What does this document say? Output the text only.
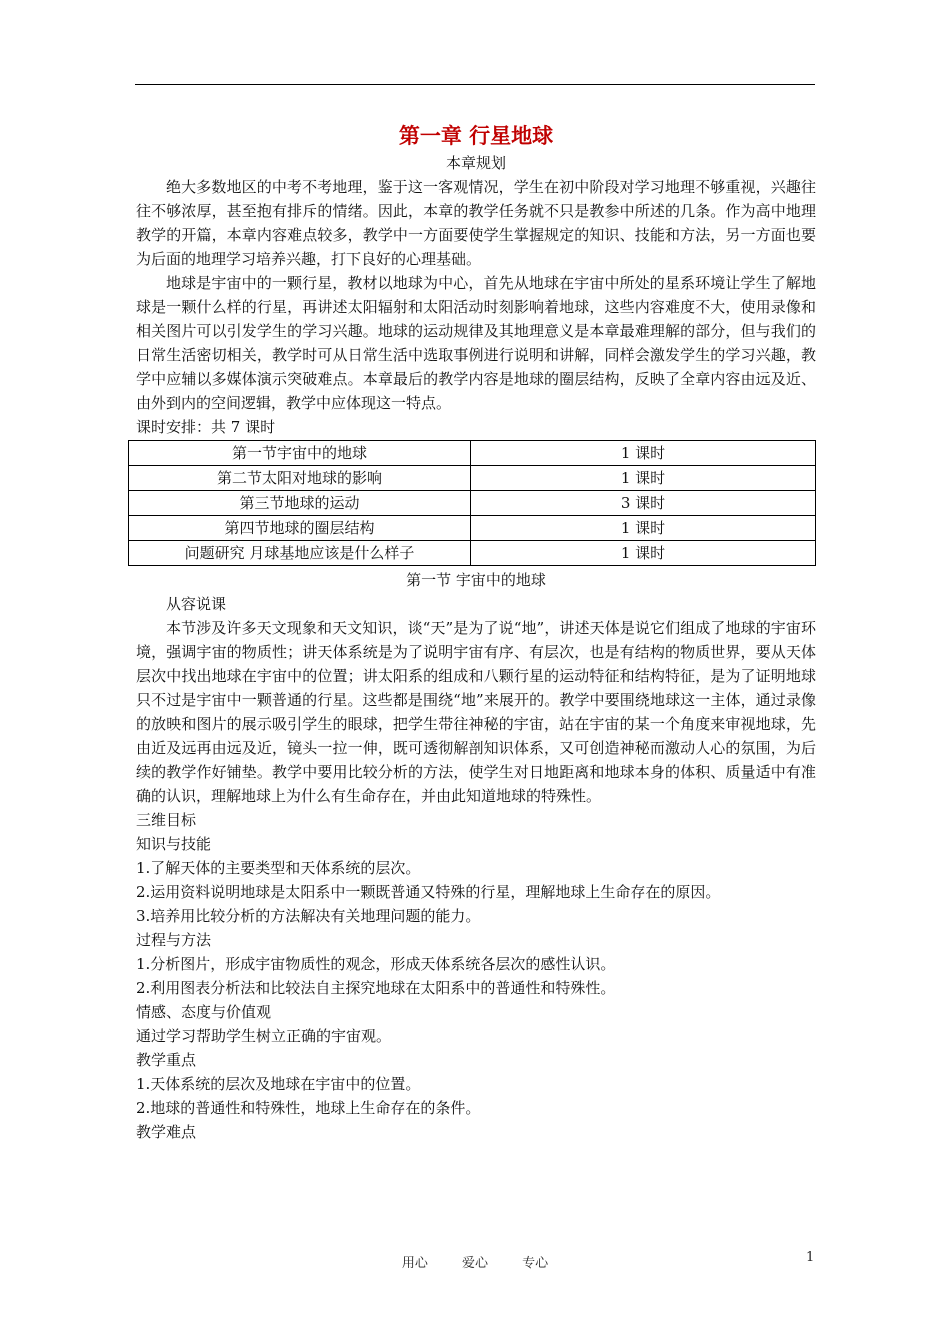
第一章 行星地球
本章规划

绝大多数地区的中考不考地理，鉴于这一客观情况，学生在初中阶段对学习地理不够重视，兴趣往往不够浓厚，甚至抱有排斥的情绪。因此，本章的教学任务就不只是教参中所述的几条。作为高中地理教学的开篇，本章内容难点较多，教学中一方面要使学生掌握规定的知识、技能和方法，另一方面也要为后面的地理学习培养兴趣，打下良好的心理基础。

地球是宇宙中的一颗行星，教材以地球为中心，首先从地球在宇宙中所处的星系环境让学生了解地球是一颗什么样的行星，再讲述太阳辐射和太阳活动时刻影响着地球，这些内容难度不大，使用录像和相关图片可以引发学生的学习兴趣。地球的运动规律及其地理意义是本章最难理解的部分，但与我们的日常生活密切相关，教学时可从日常生活中选取事例进行说明和讲解，同样会激发学生的学习兴趣，教学中应辅以多媒体演示突破难点。本章最后的教学内容是地球的圈层结构，反映了全章内容由远及近、由外到内的空间逻辑，教学中应体现这一特点。

课时安排：共 7 课时

第一节宇宙中的地球	1 课时
第二节太阳对地球的影响	1 课时
第三节地球的运动	3 课时
第四节地球的圈层结构	1 课时
问题研究 月球基地应该是什么样子	1 课时
第一节 宇宙中的地球

从容说课

本节涉及许多天文现象和天文知识，谈“天”是为了说“地”，讲述天体是说它们组成了地球的宇宙环境，强调宇宙的物质性；讲天体系统是为了说明宇宙有序、有层次，也是有结构的物质世界，要从天体层次中找出地球在宇宙中的位置；讲太阳系的组成和八颗行星的运动特征和结构特征，是为了证明地球只不过是宇宙中一颗普通的行星。这些都是围绕“地”来展开的。教学中要围绕地球这一主体，通过录像的放映和图片的展示吸引学生的眼球，把学生带往神秘的宇宙，站在宇宙的某一个角度来审视地球，先由近及远再由远及近，镜头一拉一伸，既可透彻解剖知识体系，又可创造神秘而激动人心的氛围，为后续的教学作好铺垫。教学中要用比较分析的方法，使学生对日地距离和地球本身的体积、质量适中有准确的认识，理解地球上为什么有生命存在，并由此知道地球的特殊性。

三维目标

知识与技能

1.了解天体的主要类型和天体系统的层次。

2.运用资料说明地球是太阳系中一颗既普通又特殊的行星，理解地球上生命存在的原因。

3.培养用比较分析的方法解决有关地理问题的能力。

过程与方法

1.分析图片，形成宇宙物质性的观念，形成天体系统各层次的感性认识。

2.利用图表分析法和比较法自主探究地球在太阳系中的普通性和特殊性。

情感、态度与价值观

通过学习帮助学生树立正确的宇宙观。

教学重点

1.天体系统的层次及地球在宇宙中的位置。

2.地球的普通性和特殊性，地球上生命存在的条件。

教学难点

用心	爱心	专心	1
